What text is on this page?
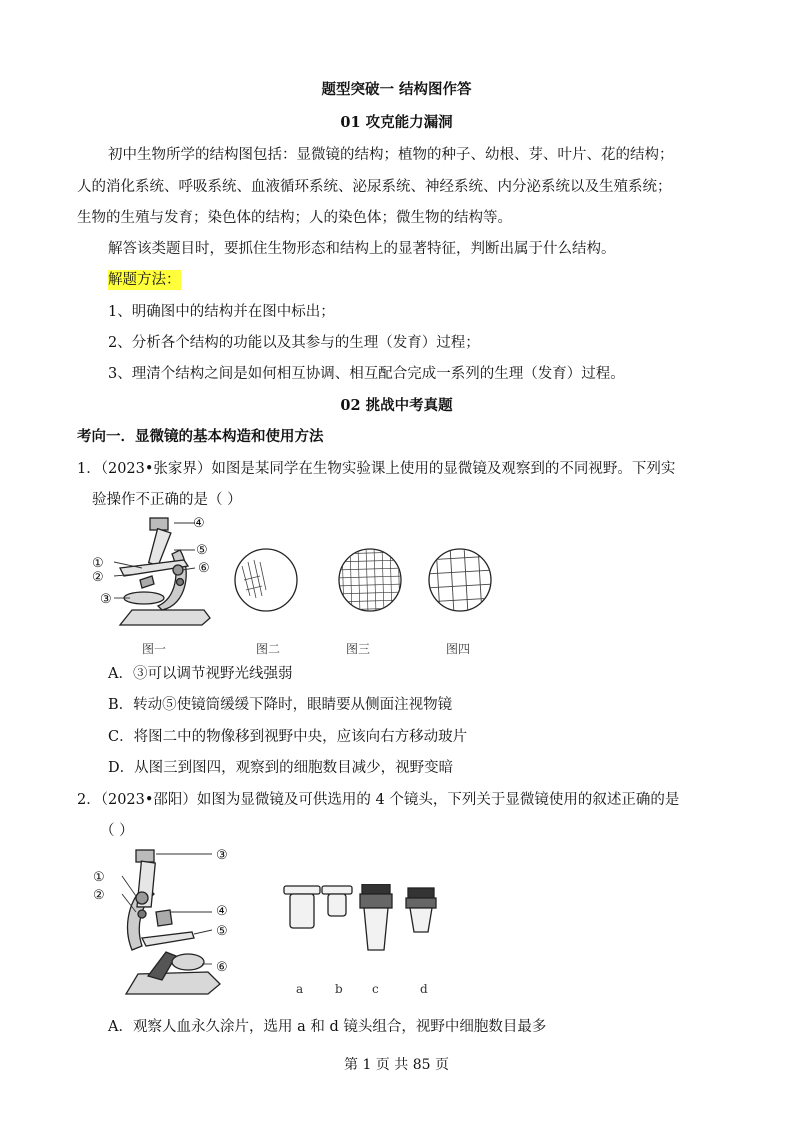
题型突破一 结构图作答
01 攻克能力漏洞
初中生物所学的结构图包括：显微镜的结构；植物的种子、幼根、芽、叶片、花的结构；
人的消化系统、呼吸系统、血液循环系统、泌尿系统、神经系统、内分泌系统以及生殖系统；
生物的生殖与发育；染色体的结构；人的染色体；微生物的结构等。
解答该类题目时，要抓住生物形态和结构上的显著特征，判断出属于什么结构。
解题方法：
1、明确图中的结构并在图中标出；
2、分析各个结构的功能以及其参与的生理（发育）过程；
3、理清个结构之间是如何相互协调、相互配合完成一系列的生理（发育）过程。
02 挑战中考真题
考向一．显微镜的基本构造和使用方法
1．（2023•张家界）如图是某同学在生物实验课上使用的显微镜及观察到的不同视野。下列实
验操作不正确的是（ ）
①
②
③
④
⑤
⑥
图一	图二	图三	图四
A．③可以调节视野光线强弱
B．转动⑤使镜筒缓缓下降时，眼睛要从侧面注视物镜
C．将图二中的物像移到视野中央，应该向右方移动玻片
D．从图三到图四，观察到的细胞数目减少，视野变暗
2．（2023•邵阳）如图为显微镜及可供选用的 4 个镜头，下列关于显微镜使用的叙述正确的是
（ ）
①
②
③
④
⑤
⑥
a	b c	d
A．观察人血永久涂片，选用 a 和 d 镜头组合，视野中细胞数目最多
第 1 页 共 85 页
